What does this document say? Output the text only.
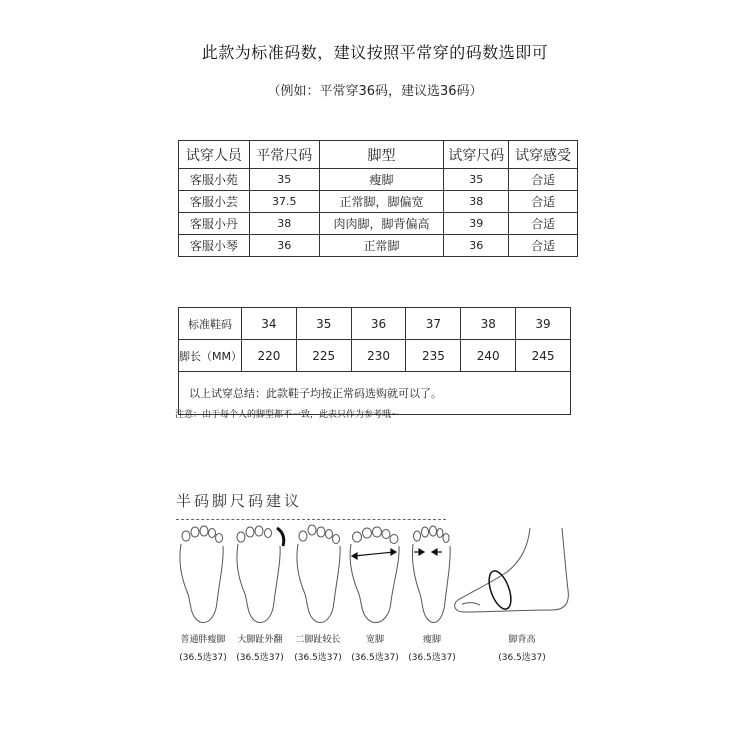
此款为标准码数，建议按照平常穿的码数选即可
（例如：平常穿36码，建议选36码）
试穿人员	平常尺码	脚型	试穿尺码	试穿感受
客服小苑	35	瘦脚	35	合适
客服小芸	37.5	正常脚，脚偏宽	38	合适
客服小丹	38	肉肉脚，脚背偏高	39	合适
客服小琴	36	正常脚	36	合适
标准鞋码	34	35	36	37	38	39
脚长（MM）	220	225	230	235	240	245
以上试穿总结：此款鞋子均按正常码选购就可以了。						
注意：由于每个人的脚型都不一致，此表只作为参考哦~
半码脚尺码建议
普通胖瘦脚
(36.5选37)
大脚趾外翻
(36.5选37)
二脚趾较长
(36.5选37)
宽脚
(36.5选37)
瘦脚
(36.5选37)
脚背高
(36.5选37)
